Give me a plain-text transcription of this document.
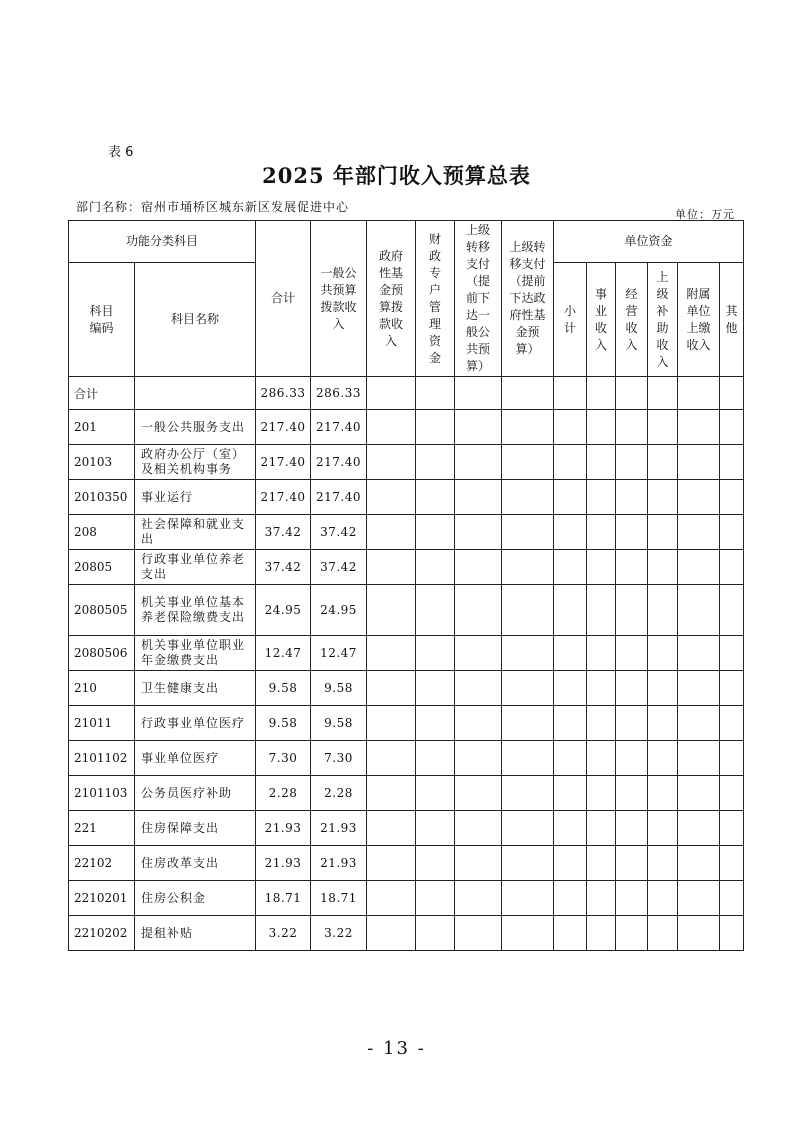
表 6
2025 年部门收入预算总表
部门名称：宿州市埇桥区城东新区发展促进中心
单位：万元
功能分类科目		合计	一般公共预算拨款收入	政府性基金预算拨款收入	财政专户管理资金	上级转移支付（提前下达一般公共预算）	上级转移支付（提前下达政府性基金预算）	单位资金					
科目编码	科目名称							小计	事业收入	经营收入	上级补助收入	附属单位上缴收入	其他
合计		286.33	286.33										
201	一般公共服务支出	217.40	217.40										
20103	政府办公厅（室）及相关机构事务	217.40	217.40										
2010350	事业运行	217.40	217.40										
208	社会保障和就业支出	37.42	37.42										
20805	行政事业单位养老支出	37.42	37.42										
2080505	机关事业单位基本养老保险缴费支出	24.95	24.95										
2080506	机关事业单位职业年金缴费支出	12.47	12.47										
210	卫生健康支出	9.58	9.58										
21011	行政事业单位医疗	9.58	9.58										
2101102	事业单位医疗	7.30	7.30										
2101103	公务员医疗补助	2.28	2.28										
221	住房保障支出	21.93	21.93										
22102	住房改革支出	21.93	21.93										
2210201	住房公积金	18.71	18.71										
2210202	提租补贴	3.22	3.22										
- 13 -
